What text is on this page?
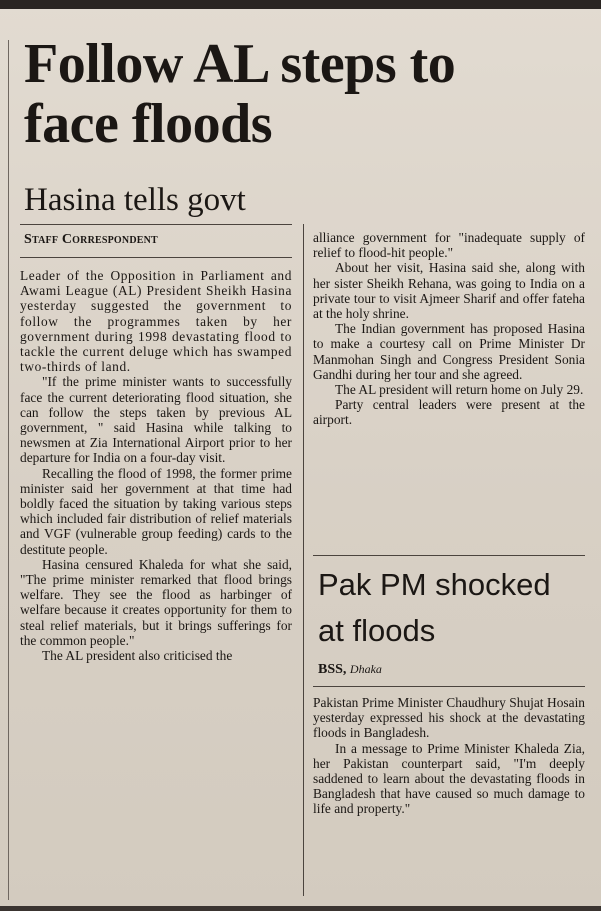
Follow AL steps to
face floods
Hasina tells govt
Staff Correspondent

Leader of the Opposition in Parliament and Awami League (AL) President Sheikh Hasina yesterday suggested the government to follow the programmes taken by her government during 1998 devastating flood to tackle the current deluge which has swamped two-thirds of land.

"If the prime minister wants to successfully face the current deteriorating flood situation, she can follow the steps taken by previous AL government, " said Hasina while talking to newsmen at Zia International Airport prior to her departure for India on a four-day visit.

Recalling the flood of 1998, the former prime minister said her government at that time had boldly faced the situation by taking various steps which included fair distribution of relief materials and VGF (vulnerable group feeding) cards to the destitute people.

Hasina censured Khaleda for what she said, "The prime minister remarked that flood brings welfare. They see the flood as harbinger of welfare because it creates opportunity for them to steal relief materials, but it brings sufferings for the common people."

The AL president also criticised the

alliance government for "inadequate supply of relief to flood-hit people."

About her visit, Hasina said she, along with her sister Sheikh Rehana, was going to India on a private tour to visit Ajmeer Sharif and offer fateha at the holy shrine.

The Indian government has proposed Hasina to make a courtesy call on Prime Minister Dr Manmohan Singh and Congress President Sonia Gandhi during her tour and she agreed.

The AL president will return home on July 29.

Party central leaders were present at the airport.

Pak PM shocked
at floods
BSS, Dhaka

Pakistan Prime Minister Chaudhury Shujat Hosain yesterday expressed his shock at the devastating floods in Bangladesh.

In a message to Prime Minister Khaleda Zia, her Pakistan counterpart said, "I'm deeply saddened to learn about the devastating floods in Bangladesh that have caused so much damage to life and property."
